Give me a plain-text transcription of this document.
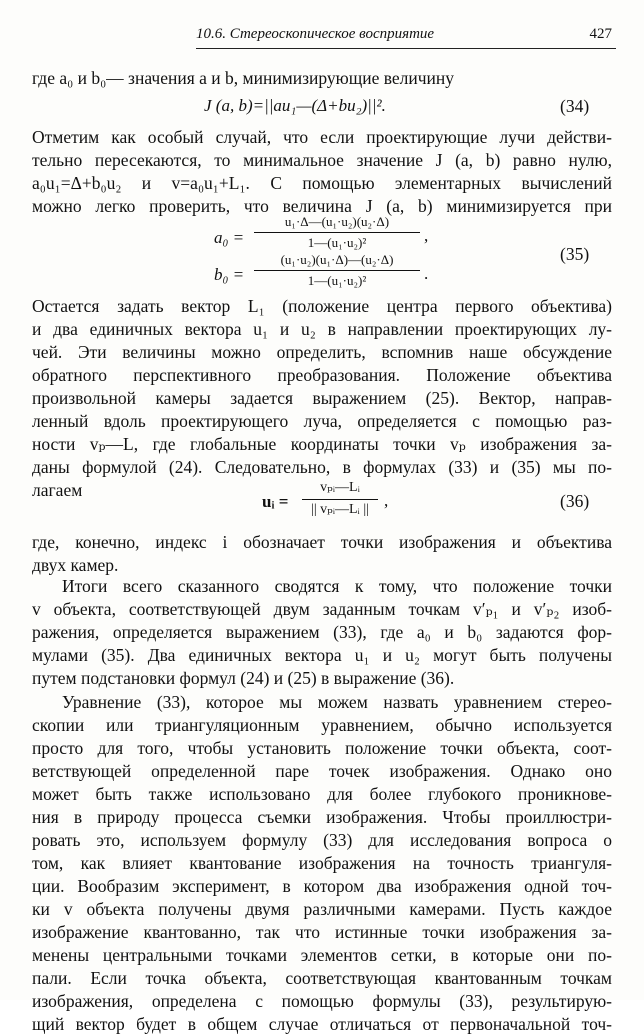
10.6. Стереоскопическое восприятие	427
где a₀ и b₀— значения a и b, минимизирующие величину
J (a, b)=||au₁—(Δ+bu₂)||².	(34)
Отметим как особый случай, что если проектирующие лучи действи-
тельно пересекаются, то минимальное значение J (a, b) равно нулю,
a₀u₁=Δ+b₀u₂ и v=a₀u₁+L₁. С помощью элементарных вычислений
можно легко проверить, что величина J (a, b) минимизируется при
a₀ =
u₁·Δ—(u₁·u₂)(u₂·Δ)
1—(u₁·u₂)²	,
b₀ =
(u₁·u₂)(u₁·Δ)—(u₂·Δ)
1—(u₁·u₂)²	.
(35)
Остается задать вектор L₁ (положение центра первого объектива)
и два единичных вектора u₁ и u₂ в направлении проектирующих лу-
чей. Эти величины можно определить, вспомнив наше обсуждение
обратного перспективного преобразования. Положение объектива
произвольной камеры задается выражением (25). Вектор, направ-
ленный вдоль проектирующего луча, определяется с помощью раз-
ности vₚ—L, где глобальные координаты точки vₚ изображения за-
даны формулой (24). Следовательно, в формулах (33) и (35) мы по-
лагаем
uᵢ =
vₚᵢ—Lᵢ
|| vₚᵢ—Lᵢ || ,	(36)
где, конечно, индекс i обозначает точки изображения и объектива
двух камер.
Итоги всего сказанного сводятся к тому, что положение точки
v объекта, соответствующей двум заданным точкам v′ₚ₁ и v′ₚ₂ изоб-
ражения, определяется выражением (33), где a₀ и b₀ задаются фор-
мулами (35). Два единичных вектора u₁ и u₂ могут быть получены
путем подстановки формул (24) и (25) в выражение (36).
Уравнение (33), которое мы можем назвать уравнением стерео-
скопии или триангуляционным уравнением, обычно используется
просто для того, чтобы установить положение точки объекта, соот-
ветствующей определенной паре точек изображения. Однако оно
может быть также использовано для более глубокого проникнове-
ния в природу процесса съемки изображения. Чтобы проиллюстри-
ровать это, используем формулу (33) для исследования вопроса о
том, как влияет квантование изображения на точность триангуля-
ции. Вообразим эксперимент, в котором два изображения одной точ-
ки v объекта получены двумя различными камерами. Пусть каждое
изображение квантованно, так что истинные точки изображения за-
менены центральными точками элементов сетки, в которые они по-
пали. Если точка объекта, соответствующая квантованным точкам
изображения, определена с помощью формулы (33), результирую-
щий вектор будет в общем случае отличаться от первоначальной точ-
